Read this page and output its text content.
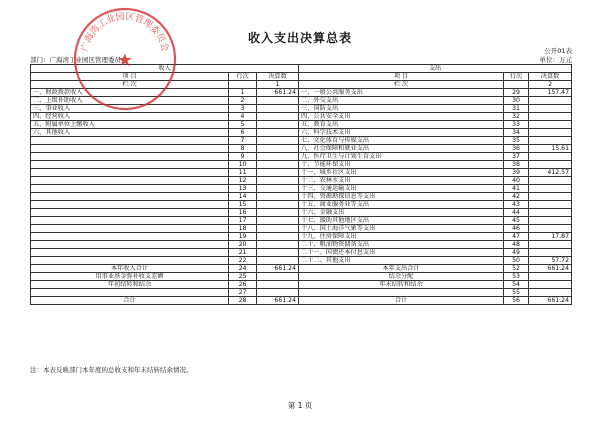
收入支出决算总表
公开01表
部门：广海湾工业园区管理委员会	单位：万元
收入			支出		
项 目	行次	决算数	项 目	行次	决算数
栏 次		1	栏 次		2
一、财政拨款收入	1	661.24	一、一般公共服务支出	29	157.47
二、上级补助收入	2		二、外交支出	30	
三、事业收入	3		三、国防支出	31	
四、经营收入	4		四、公共安全支出	32	
五、附属单位上缴收入	5		五、教育支出	33	
六、其他收入	6		六、科学技术支出	34	
	7		七、文化体育与传媒支出	35	
	8		八、社会保障和就业支出	36	15.61
	9		九、医疗卫生与计划生育支出	37	
	10		十、节能环保支出	38	
	11		十一、城乡社区支出	39	412.57
	12		十二、农林水支出	40	
	13		十三、交通运输支出	41	
	14		十四、资源勘探信息等支出	42	
	15		十五、商业服务业等支出	43	
	16		十六、金融支出	44	
	17		十七、援助其他地区支出	45	
	18		十八、国土海洋气象等支出	46	
	19		十九、住房保障支出	47	17.87
	20		二十、粮油物资储备支出	48	
	21		二十一、国债还本付息支出	49	
	22		二十二、其他支出	50	57.72
本年收入合计	24	661.24	本年支出合计	52	661.24
用事业基金弥补收支差额	25		结余分配	53	
年初结转和结余	26		年末结转和结余	54	
	27			55	
合计	28	661.24	合计	56	661.24
注：本表反映部门本年度的总收支和年末结转结余情况。
第 1 页
广海湾工业园区管理委员会
★
